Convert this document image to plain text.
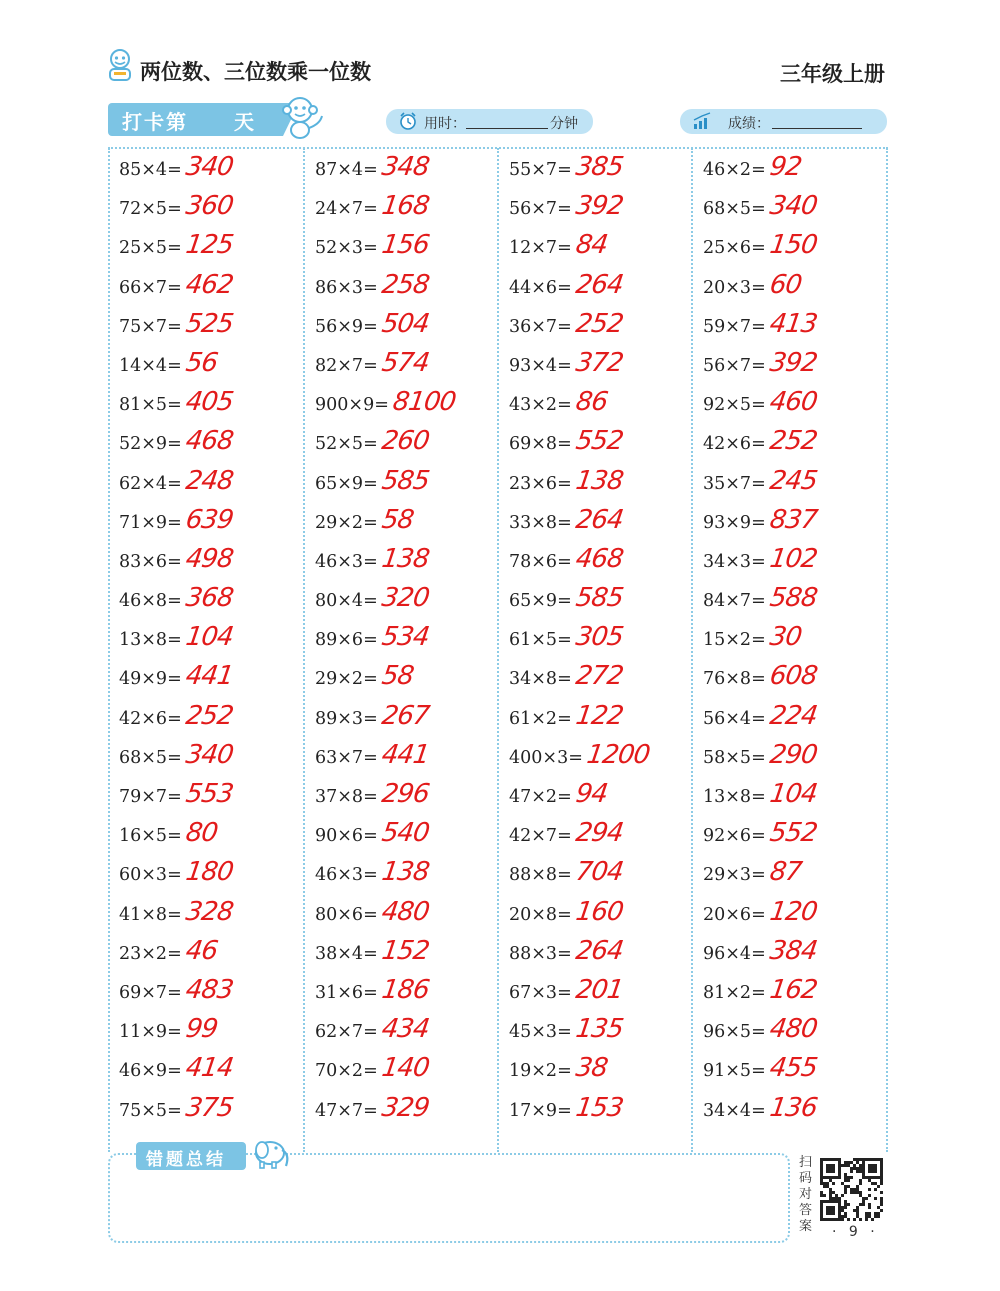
两位数、三位数乘一位数	三年级上册
打卡第 天	用时：	分钟	成绩：
85×4= 340
72×5= 360
25×5= 125
66×7= 462
75×7= 525
14×4= 56
81×5= 405
52×9= 468
62×4= 248
71×9= 639
83×6= 498
46×8= 368
13×8= 104
49×9= 441
42×6= 252
68×5= 340
79×7= 553
16×5= 80
60×3= 180
41×8= 328
23×2= 46
69×7= 483
11×9= 99
46×9= 414
75×5= 375
87×4= 348
24×7= 168
52×3= 156
86×3= 258
56×9= 504
82×7= 574
900×9= 8100
52×5= 260
65×9= 585
29×2= 58
46×3= 138
80×4= 320
89×6= 534
29×2= 58
89×3= 267
63×7= 441
37×8= 296
90×6= 540
46×3= 138
80×6= 480
38×4= 152
31×6= 186
62×7= 434
70×2= 140
47×7= 329
55×7= 385
56×7= 392
12×7= 84
44×6= 264
36×7= 252
93×4= 372
43×2= 86
69×8= 552
23×6= 138
33×8= 264
78×6= 468
65×9= 585
61×5= 305
34×8= 272
61×2= 122
400×3= 1200
47×2= 94
42×7= 294
88×8= 704
20×8= 160
88×3= 264
67×3= 201
45×3= 135
19×2= 38
17×9= 153
46×2= 92
68×5= 340
25×6= 150
20×3= 60
59×7= 413
56×7= 392
92×5= 460
42×6= 252
35×7= 245
93×9= 837
34×3= 102
84×7= 588
15×2= 30
76×8= 608
56×4= 224
58×5= 290
13×8= 104
92×6= 552
29×3= 87
20×6= 120
96×4= 384
81×2= 162
96×5= 480
91×5= 455
34×4= 136
错题总结	扫码对答案 · 9 ·
